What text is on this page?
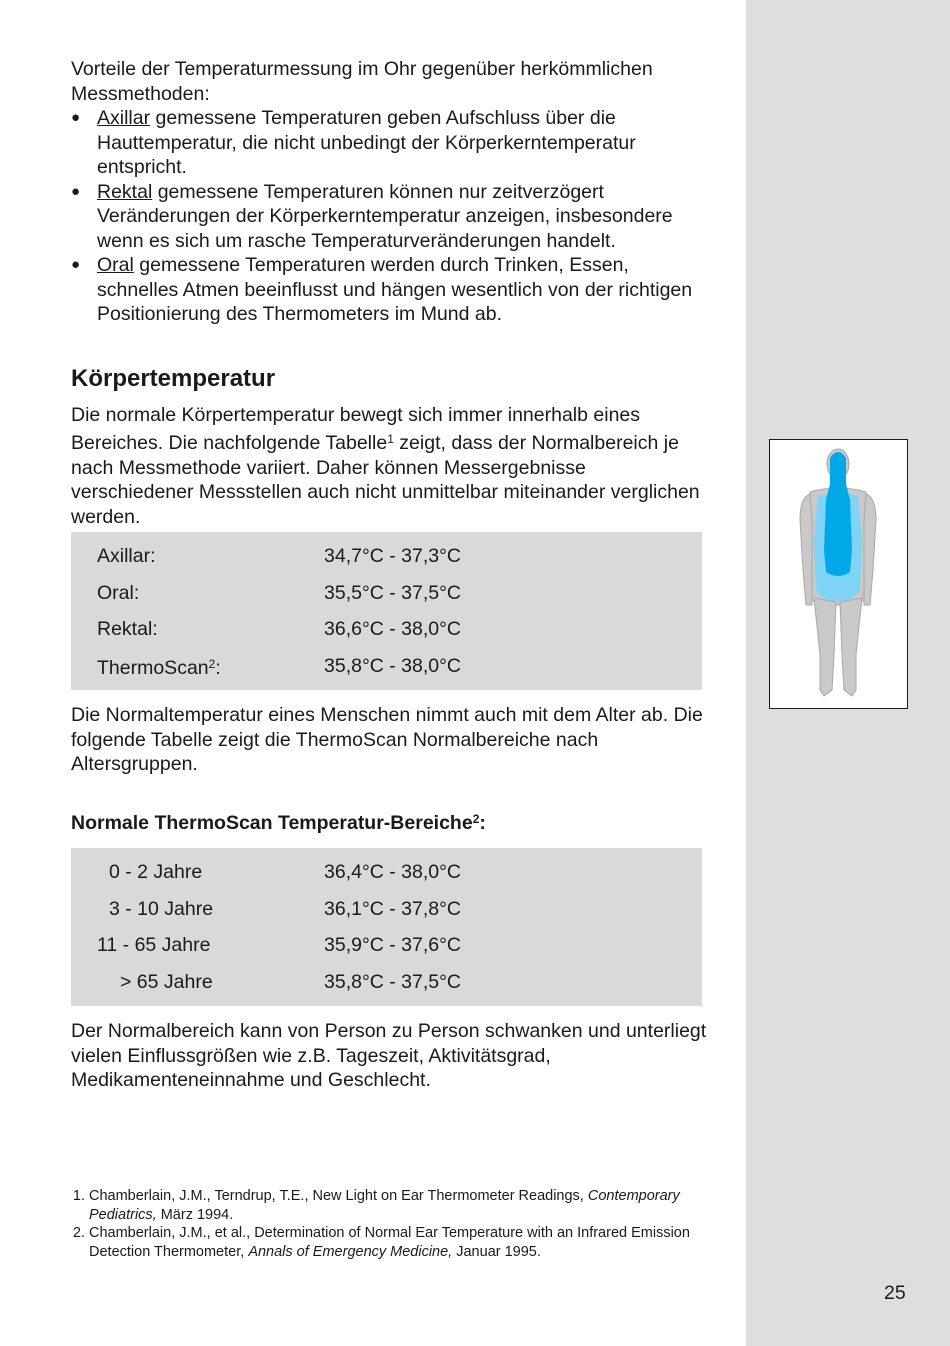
Vorteile der Temperaturmessung im Ohr gegenüber herkömmlichen Messmethoden:

● Axillar gemessene Temperaturen geben Aufschluss über die Hauttemperatur, die nicht unbedingt der Körperkerntemperatur entspricht.
● Rektal gemessene Temperaturen können nur zeitverzögert Veränderungen der Körperkerntemperatur anzeigen, insbesondere wenn es sich um rasche Temperaturveränderungen handelt.
● Oral gemessene Temperaturen werden durch Trinken, Essen, schnelles Atmen beeinflusst und hängen wesentlich von der richtigen Positionierung des Thermometers im Mund ab.
Körpertemperatur

Die normale Körpertemperatur bewegt sich immer innerhalb eines Bereiches. Die nachfolgende Tabelle$^1$ zeigt, dass der Normalbereich je nach Messmethode variiert. Daher können Messergebnisse verschiedener Messstellen auch nicht unmittelbar miteinander verglichen werden.

Axillar:	34,7°C - 37,3°C
Oral:	35,5°C - 37,5°C
Rektal:	36,6°C - 38,0°C
ThermoScan$^2$:	35,8°C - 38,0°C

Die Normaltemperatur eines Menschen nimmt auch mit dem Alter ab. Die folgende Tabelle zeigt die ThermoScan Normalbereiche nach Altersgruppen.

Normale ThermoScan Temperatur-Bereiche$^2$:
0 - 2 Jahre	36,4°C - 38,0°C
3 - 10 Jahre	36,1°C - 37,8°C
11 - 65 Jahre	35,9°C - 37,6°C
> 65 Jahre	35,8°C - 37,5°C

Der Normalbereich kann von Person zu Person schwanken und unterliegt vielen Einflussgrößen wie z.B. Tageszeit, Aktivitätsgrad, Medikamenteneinnahme und Geschlecht.

1. Chamberlain, J.M., Terndrup, T.E., New Light on Ear Thermometer Readings, Contemporary Pediatrics, März 1994.
2. Chamberlain, J.M., et al., Determination of Normal Ear Temperature with an Infrared Emission Detection Thermometer, Annals of Emergency Medicine, Januar 1995.
25
